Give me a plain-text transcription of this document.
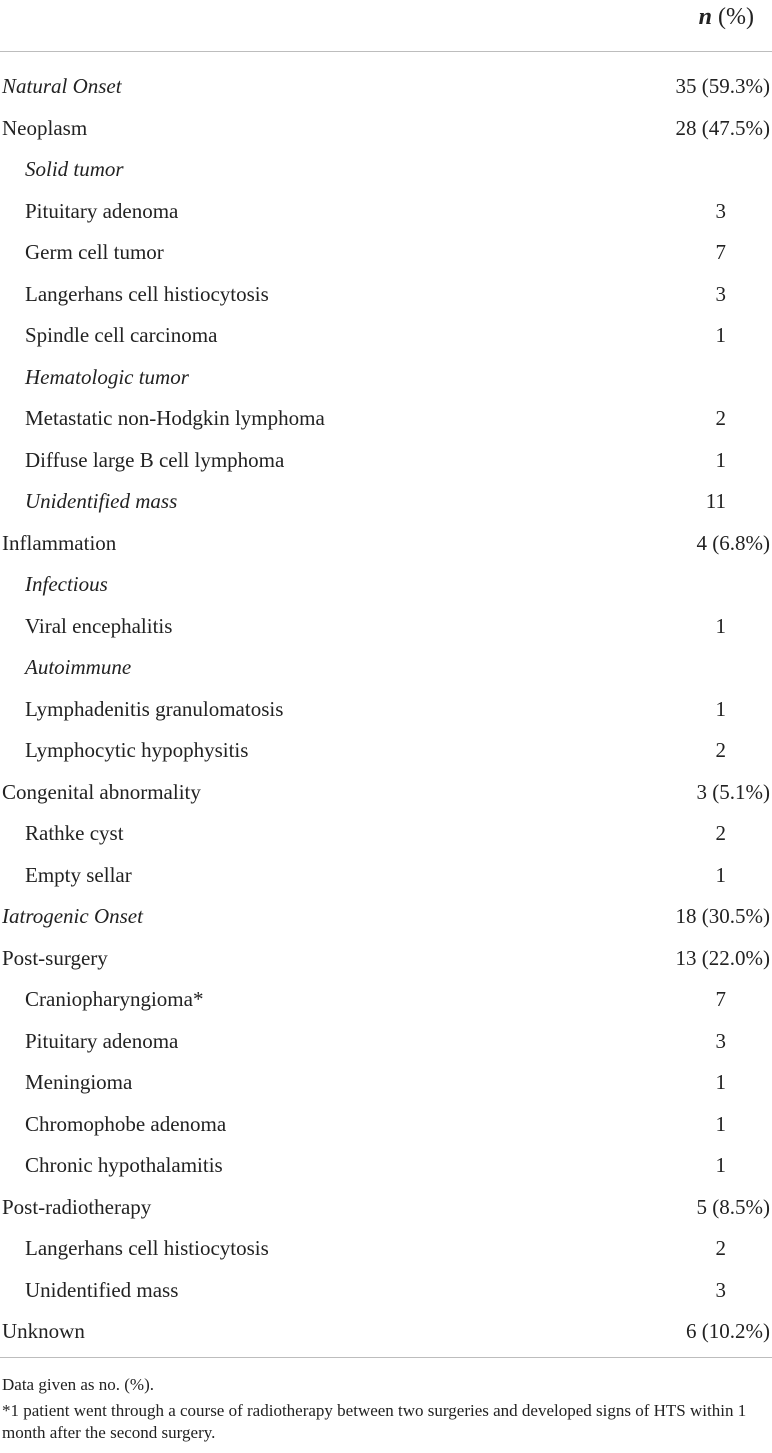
n (%)
Natural Onset	35 (59.3%)
Neoplasm	28 (47.5%)
Solid tumor
Pituitary adenoma	3
Germ cell tumor	7
Langerhans cell histiocytosis	3
Spindle cell carcinoma	1
Hematologic tumor
Metastatic non-Hodgkin lymphoma	2
Diffuse large B cell lymphoma	1
Unidentified mass	11
Inflammation	4 (6.8%)
Infectious
Viral encephalitis	1
Autoimmune
Lymphadenitis granulomatosis	1
Lymphocytic hypophysitis	2
Congenital abnormality	3 (5.1%)
Rathke cyst	2
Empty sellar	1
Iatrogenic Onset	18 (30.5%)
Post-surgery	13 (22.0%)
Craniopharyngioma*	7
Pituitary adenoma	3
Meningioma	1
Chromophobe adenoma	1
Chronic hypothalamitis	1
Post-radiotherapy	5 (8.5%)
Langerhans cell histiocytosis	2
Unidentified mass	3
Unknown	6 (10.2%)

Data given as no. (%).

*1 patient went through a course of radiotherapy between two surgeries and developed signs of HTS within 1 month after the second surgery.
